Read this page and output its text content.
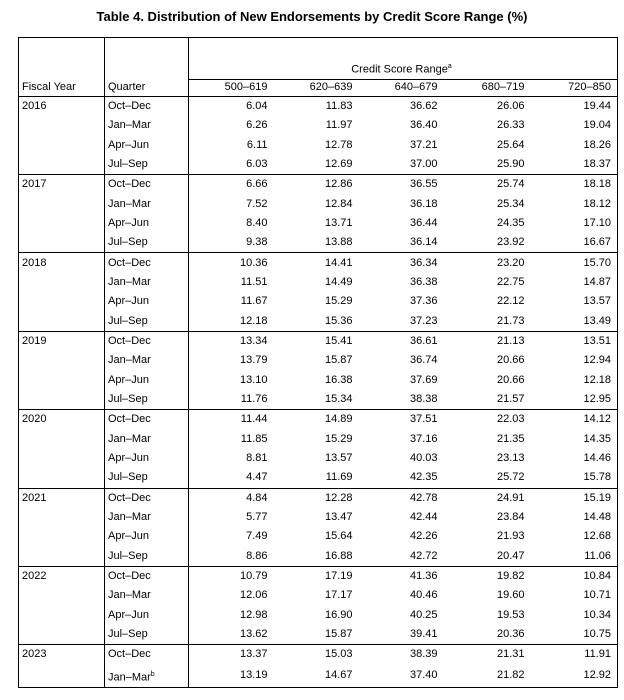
Table 4. Distribution of New Endorsements by Credit Score Range (%)

		Credit Score Range$^a$
Fiscal Year	Quarter	500–619	620–639	640–679	680–719	720–850
2016	Oct–Dec	6.04	11.83	36.62	26.06	19.44
	Jan–Mar	6.26	11.97	36.40	26.33	19.04
	Apr–Jun	6.11	12.78	37.21	25.64	18.26
	Jul–Sep	6.03	12.69	37.00	25.90	18.37
2017	Oct–Dec	6.66	12.86	36.55	25.74	18.18
	Jan–Mar	7.52	12.84	36.18	25.34	18.12
	Apr–Jun	8.40	13.71	36.44	24.35	17.10
	Jul–Sep	9.38	13.88	36.14	23.92	16.67
2018	Oct–Dec	10.36	14.41	36.34	23.20	15.70
	Jan–Mar	11.51	14.49	36.38	22.75	14.87
	Apr–Jun	11.67	15.29	37.36	22.12	13.57
	Jul–Sep	12.18	15.36	37.23	21.73	13.49
2019	Oct–Dec	13.34	15.41	36.61	21.13	13.51
	Jan–Mar	13.79	15.87	36.74	20.66	12.94
	Apr–Jun	13.10	16.38	37.69	20.66	12.18
	Jul–Sep	11.76	15.34	38.38	21.57	12.95
2020	Oct–Dec	11.44	14.89	37.51	22.03	14.12
	Jan–Mar	11.85	15.29	37.16	21.35	14.35
	Apr–Jun	8.81	13.57	40.03	23.13	14.46
	Jul–Sep	4.47	11.69	42.35	25.72	15.78
2021	Oct–Dec	4.84	12.28	42.78	24.91	15.19
	Jan–Mar	5.77	13.47	42.44	23.84	14.48
	Apr–Jun	7.49	15.64	42.26	21.93	12.68
	Jul–Sep	8.86	16.88	42.72	20.47	11.06
2022	Oct–Dec	10.79	17.19	41.36	19.82	10.84
	Jan–Mar	12.06	17.17	40.46	19.60	10.71
	Apr–Jun	12.98	16.90	40.25	19.53	10.34
	Jul–Sep	13.62	15.87	39.41	20.36	10.75
2023	Oct–Dec	13.37	15.03	38.39	21.31	11.91
	Jan–Mar$^b$	13.19	14.67	37.40	21.82	12.92
